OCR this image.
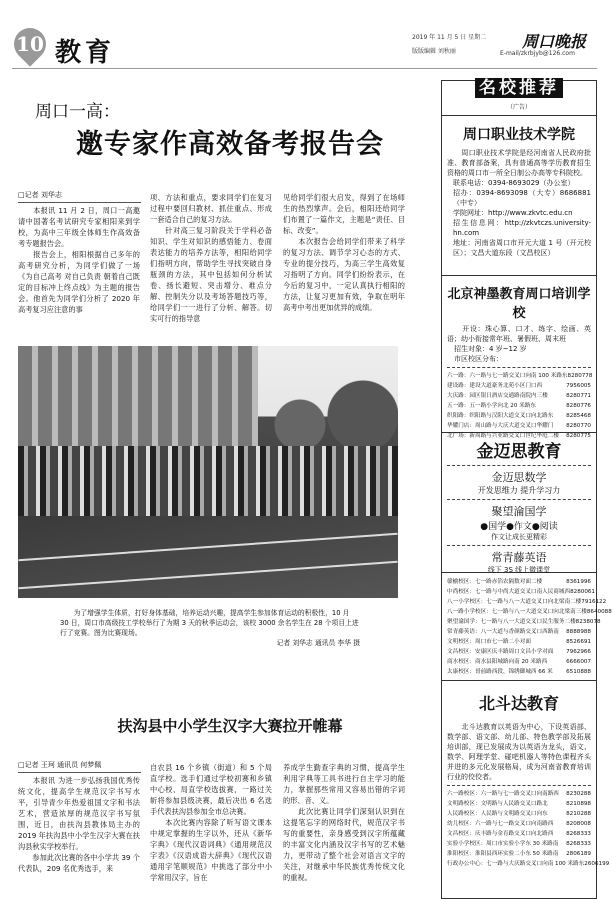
10 教育
2019 年 11 月 5 日 星期二
版版编辑 刘秋丽
周口晚报
E-mail/zkrbjyb@126.com
周口一高：
邀专家作高效备考报告会
□记者 刘华志
　　本报讯 11 月 2 日，周口一高邀请中国著名考试研究专家相阳来到学校，为高中三年级全体师生作高效备考专题报告会。
　　报告会上，相阳根据自己多年的高考研究分析，为同学们做了一场《为自己高考 对自己负责 朝着自己既定的目标冲上终点线》为主题的报告会。他首先为同学们分析了 2020 年高考复习应注意的事
项、方法和重点，要求同学们在复习过程中要回归教材、抓住重点、形成一套适合自己的复习方法。
　　针对高三复习阶段关于学科必备知识、学生对知识的感悟能力、卷面表达能力的培养方法等，相阳给同学们指明方向，帮助学生寻找突破自身瓶颈的方法，其中包括如何分析试卷、扬长避短、突击增分、难点分解、控制失分以及考场答题技巧等，给同学们一一进行了分析、解答。切实可行的指导意
见给同学们很大启发，得到了在场师生的热烈掌声。会后，相阳还给同学们布置了一篇作文，主题是“责任、目标、改变”。
　　本次报告会给同学们带来了科学的复习方法、调节学习心态的方式、专业的提分技巧，为高三学生高效复习指明了方向。同学们纷纷表示，在今后的复习中，一定认真执行相阳的方法，让复习更加有效，争取在明年高考中考出更加优异的成绩。
　　为了增强学生体质，打好身体基础，培养运动兴趣，提高学生参加体育运动的积极性，10 月 30 日，周口市高级技工学校举行了为期 3 天的秋季运动会，该校 3000 余名学生在 28 个项目上进行了竞赛。图为比赛现场。
记者 刘华志 通讯员 李华 摄
扶沟县中小学生汉字大赛拉开帷幕
□记者 王珂 通讯员 何梦佩
　　本报讯 为进一步弘扬我国优秀传统文化，提高学生规范汉字书写水平，引导青少年热爱祖国文字和书法艺术，营造浓厚的规范汉字书写氛围，近日，由扶沟县教体局主办的 2019 年扶沟县中小学生汉字大赛在扶沟县秋实学校举行。
　　参加此次比赛的各中小学共 39 个代表队，209 名优秀选手，来
自农县 16 个乡镇（街道）和 5 个局直学校。选手们通过学校初赛和乡镇中心校、局直学校选拔赛，一路过关斩将参加县级决赛，最后决出 6 名选手代表扶沟县参加全市总决赛。
　　本次比赛内容除了听写语文课本中规定掌握的生字以外，还从《新华字典》《现代汉语词典》《通用规范汉字表》《汉语成语大辞典》《现代汉语通用字笔顺规范》中挑选了部分中小学常用汉字，旨在
养成学生勤查字典的习惯，提高学生利用字典等工具书进行自主学习的能力，掌握那些常用又容易出错的字词的形、音、义。
　　此次比赛让同学们深刻认识到在这提笔忘字的网络时代，规范汉字书写的重要性，亲身感受到汉字所蕴藏的丰富文化内涵及汉字书写的艺术魅力，更带动了整个社会对语言文字的关注，对继承中华民族优秀传统文化的重视。
名校推荐
（广告）
周口职业技术学院
　　周口职业技术学院是经河南省人民政府批准、教育部备案，具有普通高等学历教育招生资格的周口市一所全日制公办高等专科院校。
联系电话：0394-8693029（办公室）
招办：0394-8693098（大专）8686881（中专）
学院网址：http://www.zkvtc.edu.cn
招生信息网：http://zkvtczs.university-hn.com
地址：河南省周口市开元大道 1 号（开元校区）；文昌大道东段（文昌校区）
北京神墨教育周口培训学校
　　开设：珠心算、口才、练字、绘画、英语；幼小衔接常年班、暑假班、周末班
　招生对象：4 岁~12 岁
　市区校区分布：
六一路：六一路与七一路交叉口向南 100 米路东 8280778
建设路：建设大道豪务北苑小区门口西	7956005
大庆路：园区银日酒店交通路南院内三楼	8280771
五一路：五一路小学向北 20 米路东	8280776
织阳路：织阳路与汉阳大道交叉口向北路东 8285468
华耀门店：周山路与大庆大道交叉口华耀门 8280770
北广场：新周路与兴业路交叉口世纪华庭二楼 8280775
金迈思教育
金迈思数学
开发思维力 提升学习力
聚望淪国学
●国学●作文●阅读
作文让成长更精彩
常青藤英语
线下 3S 线上微课堂
赣榆校区：七一路赤箔农隔数对面二楼	8361996
中尚校区：七一路与中尚大道交叉口南人民商城西 8280061
八一小学校区：七一路与八一大道交叉口向北梁南二楼 7916122
八一路小学校区：七一路与八一大道交叉口向北梁南三楼 8640088
聚望淪国学：七一路与八一大道交叉口民生服务二楼 8238078
常青藤英语：八一大道与香颜路交叉口西路南 8888988
文明校区：周口市七一路二小对面	8526691
文昌校区：安康区庆丰路周口文昌小学对面 7962966
商水校区：商水县阳城路向南 20 米路西	6666007
太康校区：哥前路西段，锦绣御城西 66 米 6510888
北斗达教育
　　北斗达教育以英语为中心，下设英语部、数学部、语文部、幼儿部、特色教学部及拓展培训部，现已发展成为以英语为龙头，语文、数学、阿理学堂、碰吧机器人等特色课程齐头并进的多元化发展格局，成为河南省教育培训行业的佼佼者。
六一路校区：六一路与七一路交叉口向南路西 8230288
文明路校区：文明路与人民路交叉口路北	8210898
人民路校区：人民路与文明路交叉口向东	8210288
幼儿校区：六一路与七一路交叉口向南路西 8208008
文昌校区：庆丰路与金育路交叉口向北路西 8268333
实验小学校区：周口市实验小学东 30 米路南 8268333
淮阳校区：淮阳县西环实验二小东 50 米路南 2806189
行政办公中心：七一路与大庆路交叉口向南 100 米路东 2606199
